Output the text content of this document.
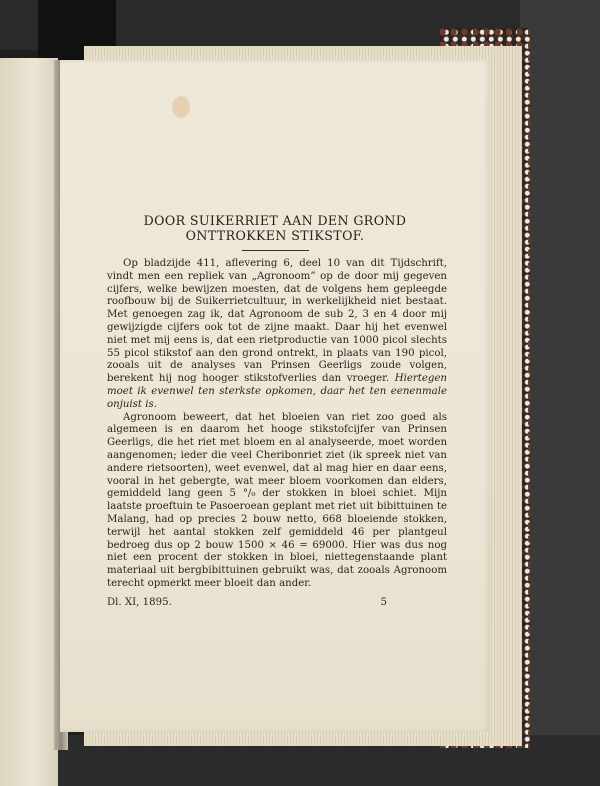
DOOR SUIKERRIET AAN DEN GROND
ONTTROKKEN STIKSTOF.

Op bladzijde 411, aflevering 6, deel 10 van dit Tijdschrift, vindt men een repliek van „Agronoom” op de door mij gegeven cijfers, welke bewijzen moesten, dat de volgens hem gepleegde roofbouw bij de Suikerrietcultuur, in werkelijkheid niet bestaat. Met genoegen zag ik, dat Agronoom de sub 2, 3 en 4 door mij gewijzigde cijfers ook tot de zijne maakt. Daar hij het evenwel niet met mij eens is, dat een rietproductie van 1000 picol slechts 55 picol stikstof aan den grond ontrekt, in plaats van 190 picol, zooals uit de analyses van Prinsen Geerligs zoude volgen, berekent hij nog hooger stikstofverlies dan vroeger. Hiertegen moet ik evenwel ten sterkste opkomen, daar het ten eenenmale onjuist is.

Agronoom beweert, dat het bloeien van riet zoo goed als algemeen is en daarom het hooge stikstofcijfer van Prinsen Geerligs, die het riet met bloem en al analyseerde, moet worden aangenomen; ieder die veel Cheribonriet ziet (ik spreek niet van andere rietsoorten), weet evenwel, dat al mag hier en daar eens, vooral in het gebergte, wat meer bloem voorkomen dan elders, gemiddeld lang geen 5 °/₀ der stokken in bloei schiet. Mijn laatste proeftuin te Pasoeroean geplant met riet uit bibittuinen te Malang, had op precies 2 bouw netto, 668 bloeiende stokken, terwijl het aantal stokken zelf gemiddeld 46 per plantgeul bedroeg dus op 2 bouw 1500 ⨯ 46 = 69000. Hier was dus nog niet een procent der stokken in bloei, niettegenstaande plant materiaal uit bergbibittuinen gebruikt was, dat zooals Agronoom terecht opmerkt meer bloeit dan ander.

Dl. XI, 1895.	5
